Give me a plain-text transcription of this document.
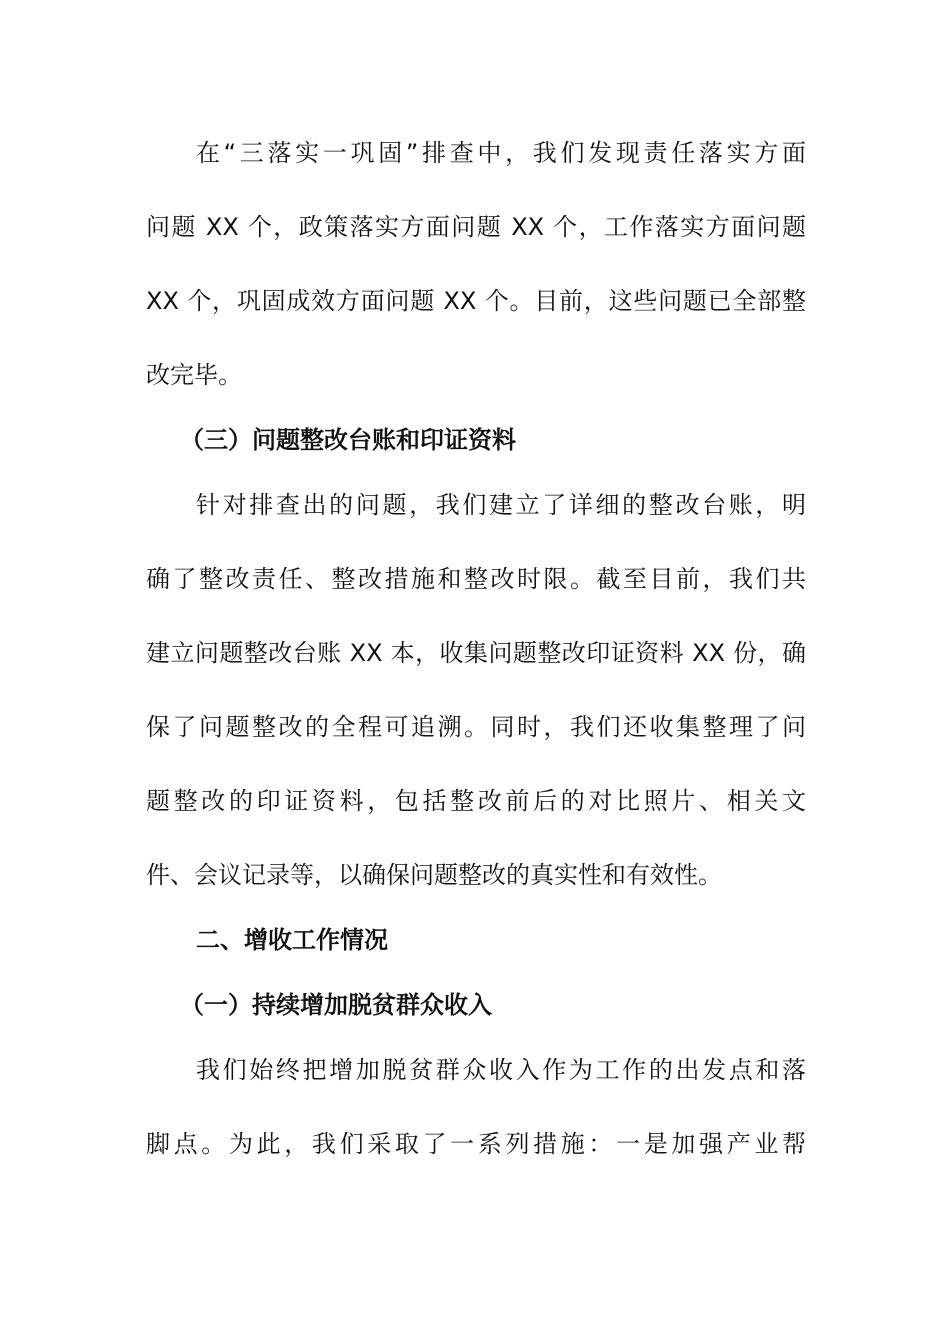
在“三落实一巩固”排查中，我们发现责任落实方面
问题 XX 个，政策落实方面问题 XX 个，工作落实方面问题
XX 个，巩固成效方面问题 XX 个。目前，这些问题已全部整
改完毕。
（三）问题整改台账和印证资料
针对排查出的问题，我们建立了详细的整改台账，明
确了整改责任、整改措施和整改时限。截至目前，我们共
建立问题整改台账 XX 本，收集问题整改印证资料 XX 份，确
保了问题整改的全程可追溯。同时，我们还收集整理了问
题整改的印证资料，包括整改前后的对比照片、相关文
件、会议记录等，以确保问题整改的真实性和有效性。
二、增收工作情况
（一）持续增加脱贫群众收入
我们始终把增加脱贫群众收入作为工作的出发点和落
脚点。为此，我们采取了一系列措施：一是加强产业帮
